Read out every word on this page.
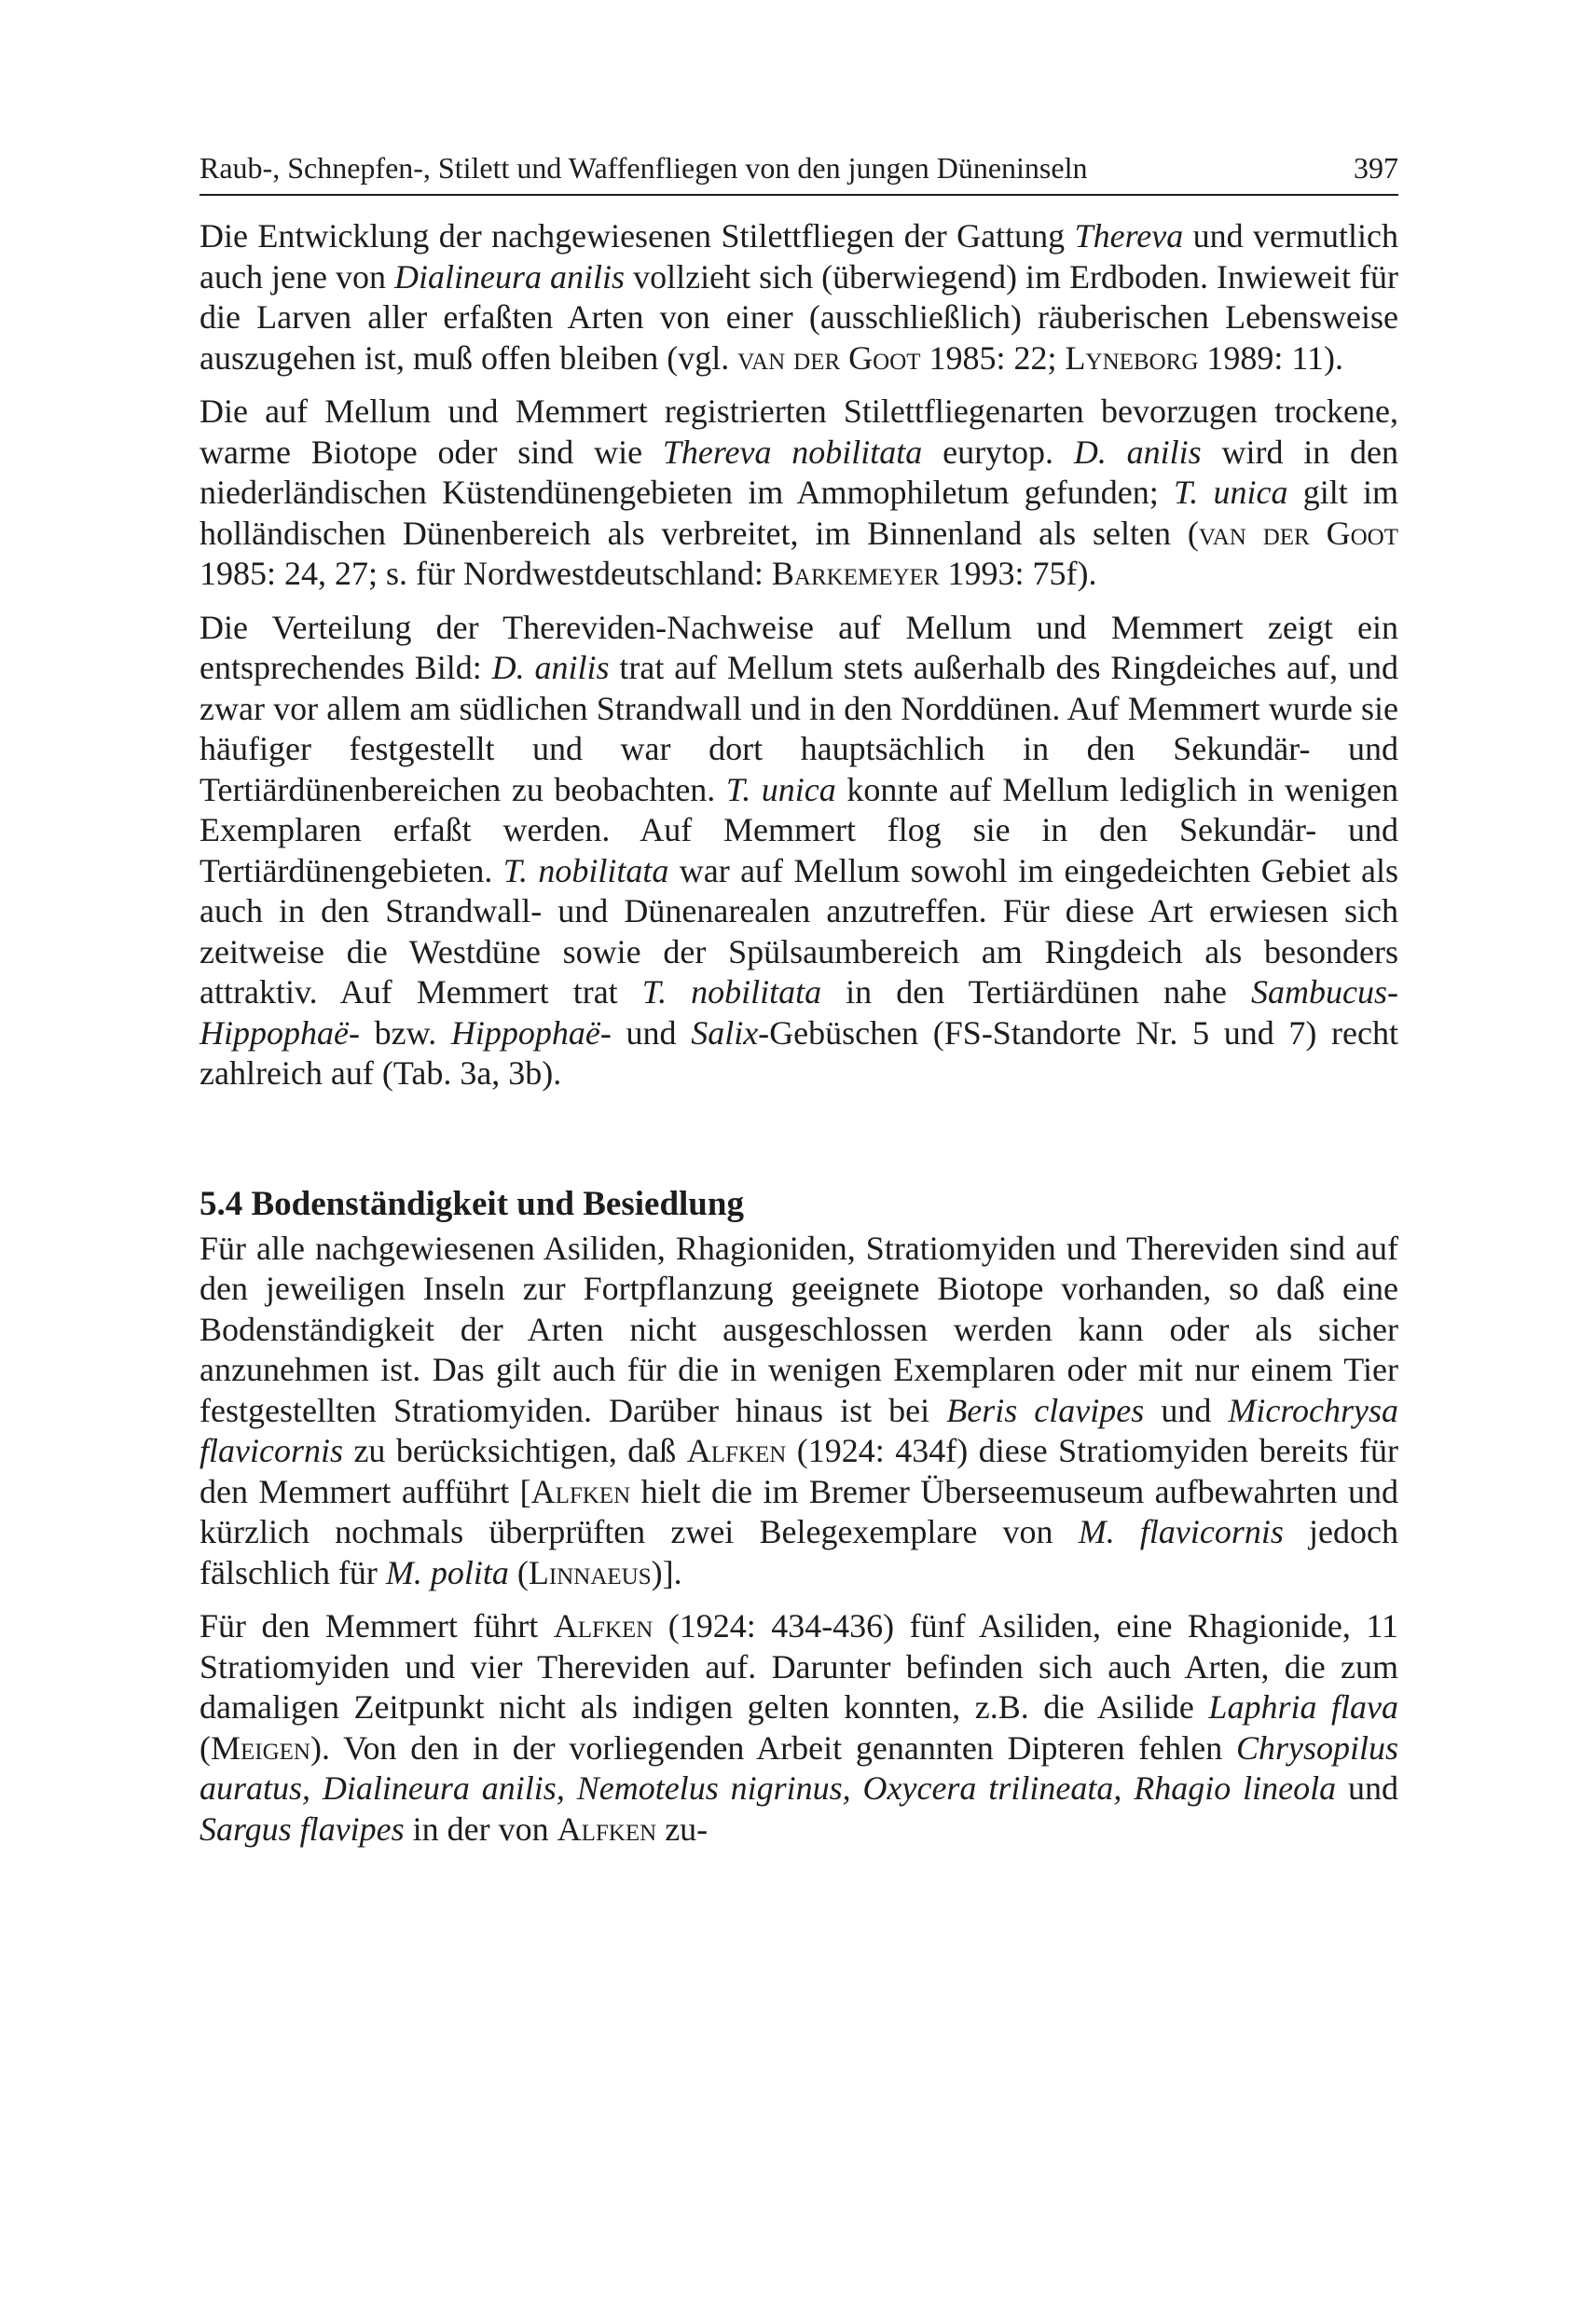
Raub-, Schnepfen-, Stilett und Waffenfliegen von den jungen Düneninseln	397

Die Entwicklung der nachgewiesenen Stilettfliegen der Gattung Thereva und vermutlich auch jene von Dialineura anilis vollzieht sich (überwiegend) im Erdboden. Inwieweit für die Larven aller erfaßten Arten von einer (ausschließlich) räuberischen Lebensweise auszugehen ist, muß offen bleiben (vgl. van der Goot 1985: 22; Lyneborg 1989: 11).

Die auf Mellum und Memmert registrierten Stilettfliegenarten bevorzugen trockene, warme Biotope oder sind wie Thereva nobilitata eurytop. D. anilis wird in den niederländischen Küstendünengebieten im Ammophiletum gefunden; T. unica gilt im holländischen Dünenbereich als verbreitet, im Binnenland als selten (van der Goot 1985: 24, 27; s. für Nordwestdeutschland: Barkemeyer 1993: 75f).

Die Verteilung der Thereviden-Nachweise auf Mellum und Memmert zeigt ein entsprechendes Bild: D. anilis trat auf Mellum stets außerhalb des Ringdeiches auf, und zwar vor allem am südlichen Strandwall und in den Norddünen. Auf Memmert wurde sie häufiger festgestellt und war dort hauptsächlich in den Sekundär- und Tertiärdünenbereichen zu beobachten. T. unica konnte auf Mellum lediglich in wenigen Exemplaren erfaßt werden. Auf Memmert flog sie in den Sekundär- und Tertiärdünengebieten. T. nobilitata war auf Mellum sowohl im eingedeichten Gebiet als auch in den Strandwall- und Dünenarealen anzutreffen. Für diese Art erwiesen sich zeitweise die Westdüne sowie der Spülsaumbereich am Ringdeich als besonders attraktiv. Auf Memmert trat T. nobilitata in den Tertiärdünen nahe Sambucus-Hippophaë- bzw. Hippophaë- und Salix-Gebüschen (FS-Standorte Nr. 5 und 7) recht zahlreich auf (Tab. 3a, 3b).

5.4 Bodenständigkeit und Besiedlung

Für alle nachgewiesenen Asiliden, Rhagioniden, Stratiomyiden und Thereviden sind auf den jeweiligen Inseln zur Fortpflanzung geeignete Biotope vorhanden, so daß eine Bodenständigkeit der Arten nicht ausgeschlossen werden kann oder als sicher anzunehmen ist. Das gilt auch für die in wenigen Exemplaren oder mit nur einem Tier festgestellten Stratiomyiden. Darüber hinaus ist bei Beris clavipes und Microchrysa flavicornis zu berücksichtigen, daß Alfken (1924: 434f) diese Stratiomyiden bereits für den Memmert aufführt [Alfken hielt die im Bremer Überseemuseum aufbewahrten und kürzlich nochmals überprüften zwei Belegexemplare von M. flavicornis jedoch fälschlich für M. polita (Linnaeus)].

Für den Memmert führt Alfken (1924: 434-436) fünf Asiliden, eine Rhagionide, 11 Stratiomyiden und vier Thereviden auf. Darunter befinden sich auch Arten, die zum damaligen Zeitpunkt nicht als indigen gelten konnten, z.B. die Asilide Laphria flava (Meigen). Von den in der vorliegenden Arbeit genannten Dipteren fehlen Chrysopilus auratus, Dialineura anilis, Nemotelus nigrinus, Oxycera trilineata, Rhagio lineola und Sargus flavipes in der von Alfken zu-
